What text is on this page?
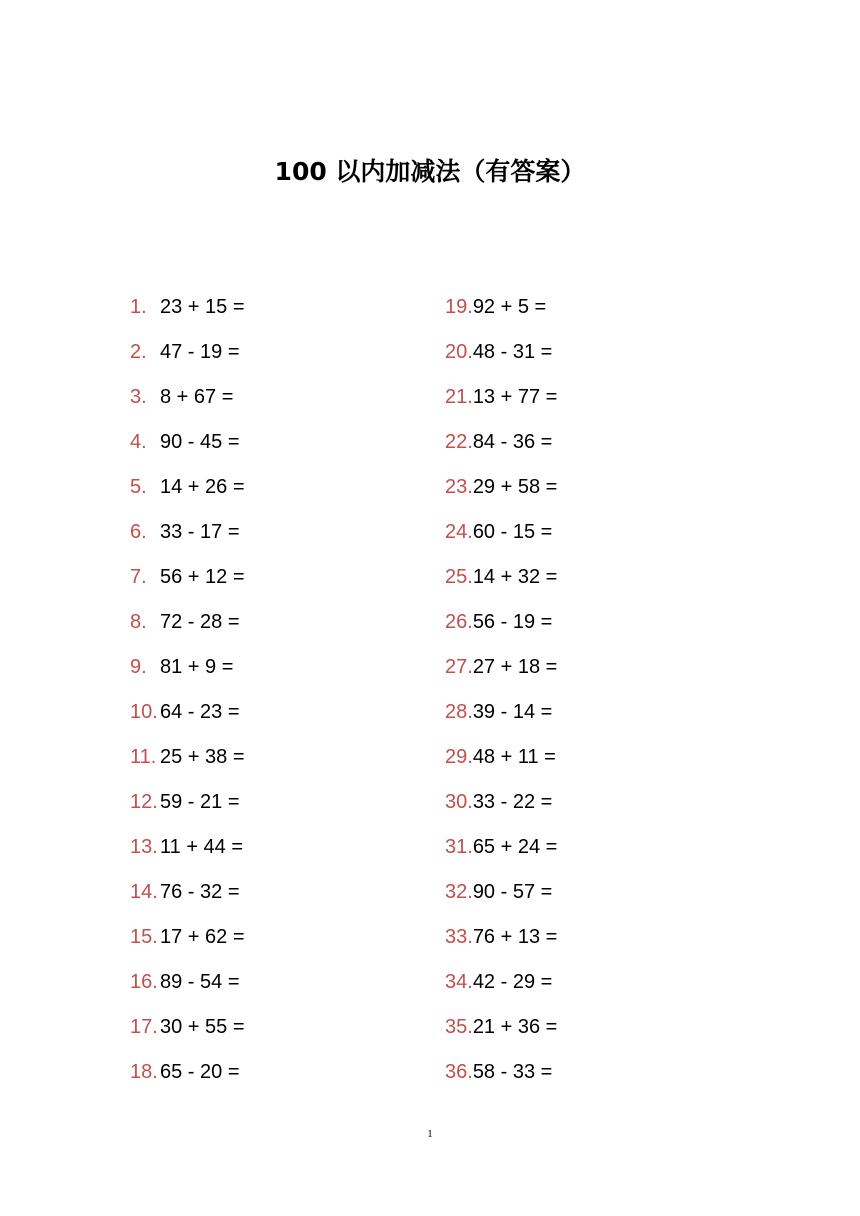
100 以内加减法（有答案）
1. 23 + 15 =
2. 47 - 19 =
3. 8 + 67 =
4. 90 - 45 =
5. 14 + 26 =
6. 33 - 17 =
7. 56 + 12 =
8. 72 - 28 =
9. 81 + 9 =
10. 64 - 23 =
11. 25 + 38 =
12. 59 - 21 =
13. 11 + 44 =
14. 76 - 32 =
15. 17 + 62 =
16. 89 - 54 =
17. 30 + 55 =
18. 65 - 20 =
19.92 + 5 =
20.48 - 31 =
21.13 + 77 =
22.84 - 36 =
23.29 + 58 =
24.60 - 15 =
25.14 + 32 =
26.56 - 19 =
27.27 + 18 =
28.39 - 14 =
29.48 + 11 =
30.33 - 22 =
31.65 + 24 =
32.90 - 57 =
33.76 + 13 =
34.42 - 29 =
35.21 + 36 =
36.58 - 33 =
1
